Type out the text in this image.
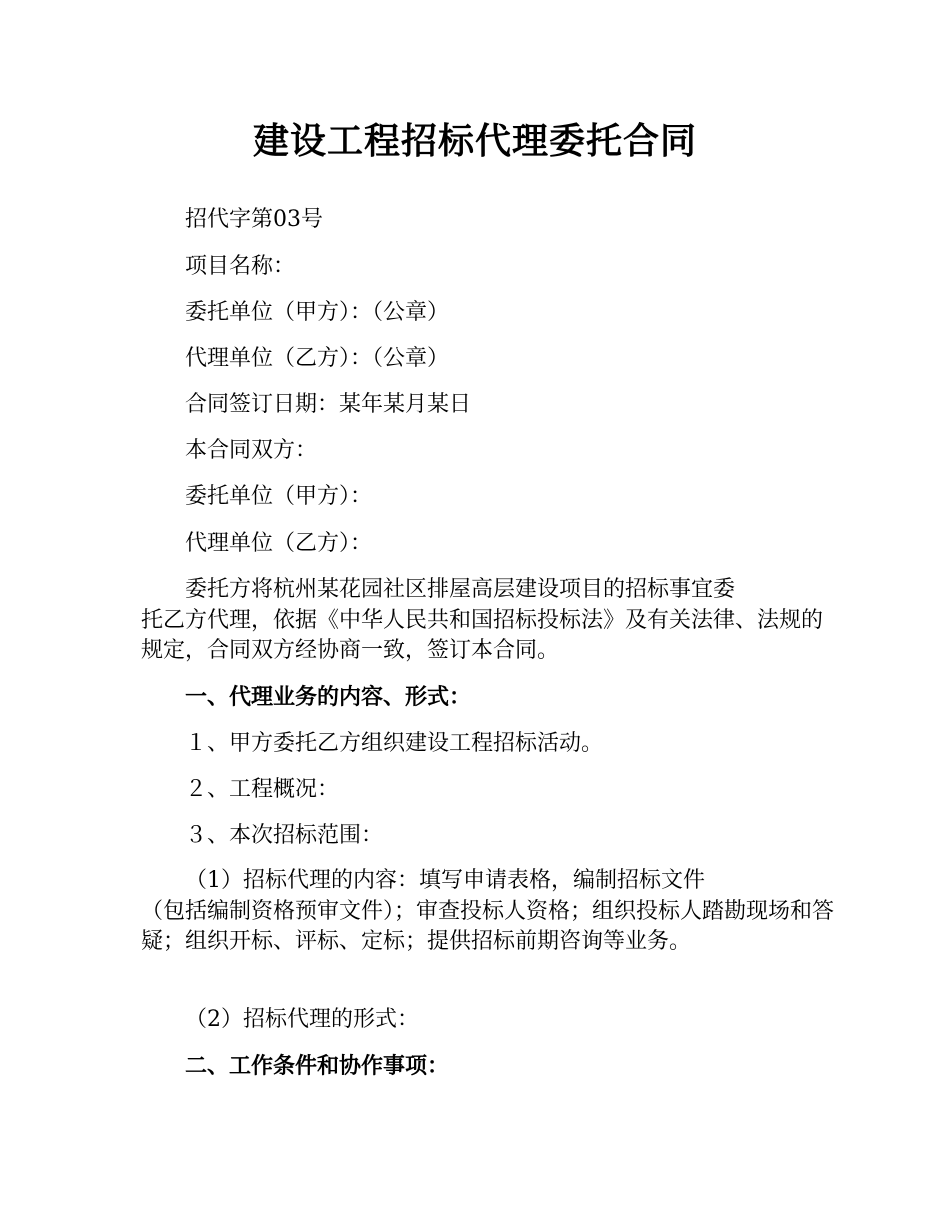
建设工程招标代理委托合同
招代字第03号
项目名称：
委托单位（甲方）：（公章）
代理单位（乙方）：（公章）
合同签订日期：某年某月某日
本合同双方：
委托单位（甲方）：
代理单位（乙方）：
委托方将杭州某花园社区排屋高层建设项目的招标事宜委
托乙方代理，依据《中华人民共和国招标投标法》及有关法律、法规的规定，合同双方经协商一致，签订本合同。
一、代理业务的内容、形式：
１、甲方委托乙方组织建设工程招标活动。
２、工程概况：
３、本次招标范围：
（1）招标代理的内容：填写申请表格，编制招标文件
（包括编制资格预审文件）；审查投标人资格；组织投标人踏勘现场和答疑；组织开标、评标、定标；提供招标前期咨询等业务。
（2）招标代理的形式：
二、工作条件和协作事项：
